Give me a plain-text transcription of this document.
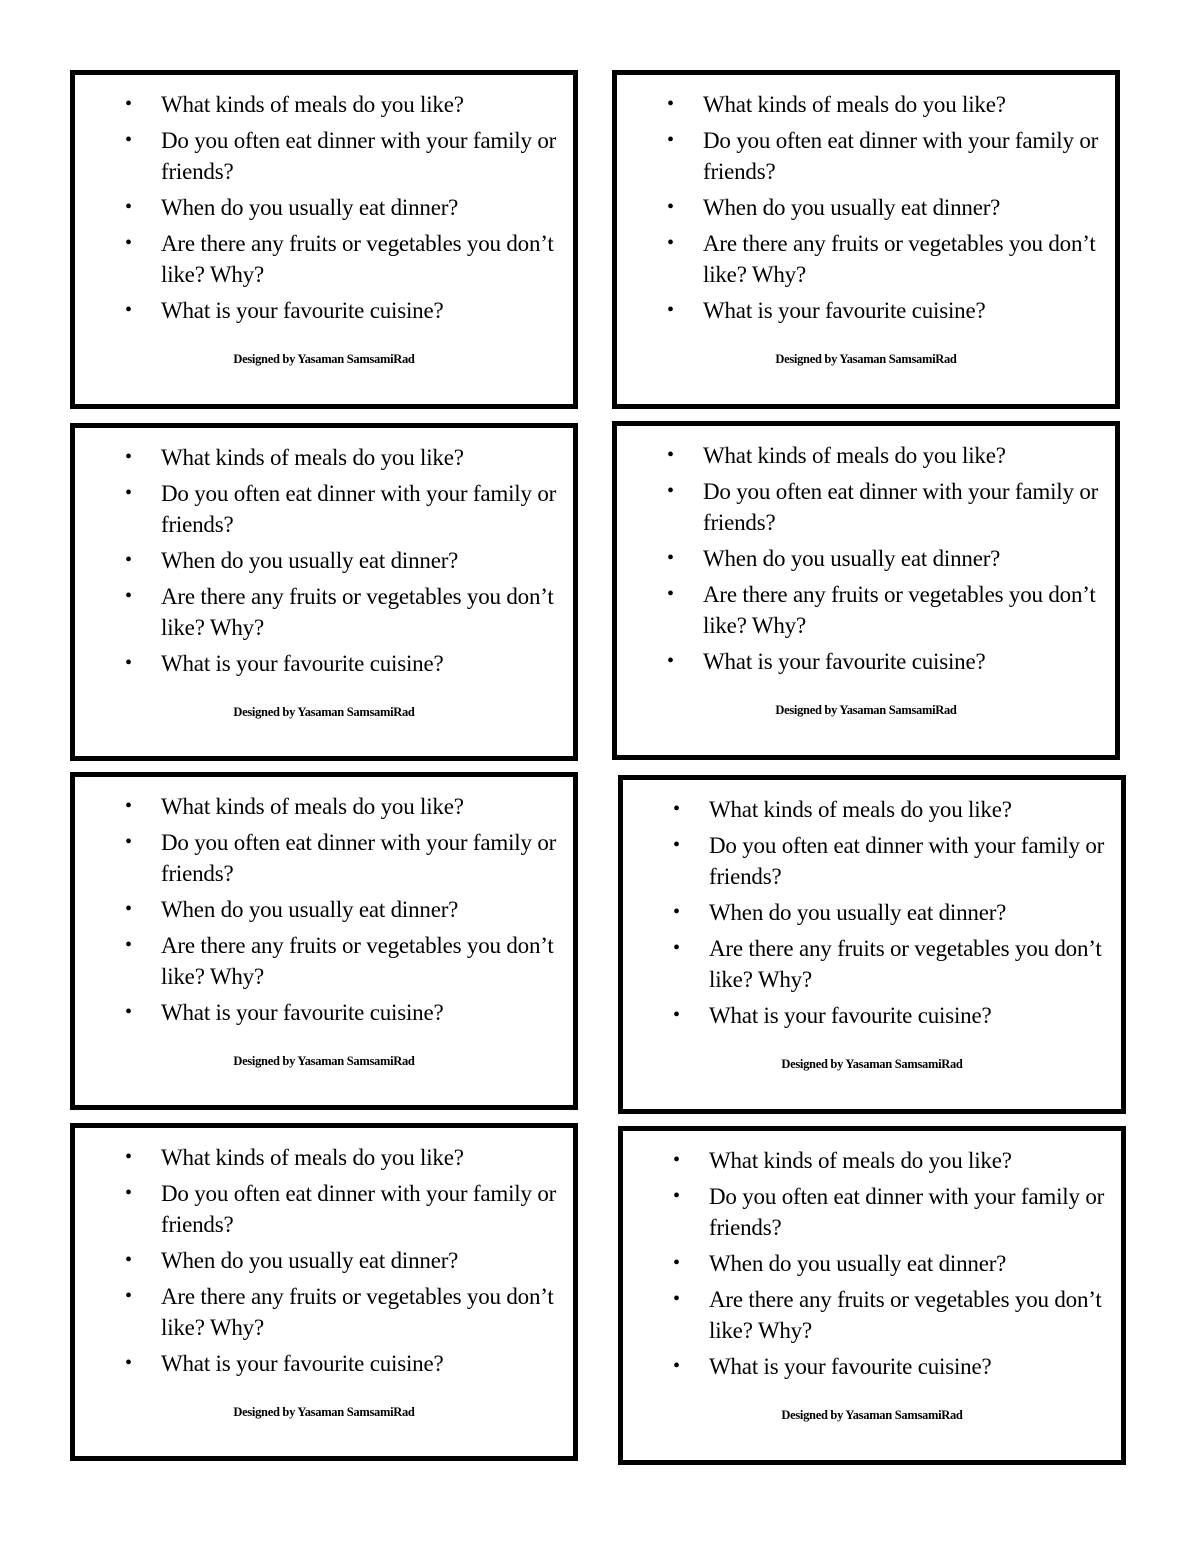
• What kinds of meals do you like?
• Do you often eat dinner with your family or friends?
• When do you usually eat dinner?
• Are there any fruits or vegetables you don’t like? Why?
• What is your favourite cuisine?
Designed by Yasaman SamsamiRad
• What kinds of meals do you like?
• Do you often eat dinner with your family or friends?
• When do you usually eat dinner?
• Are there any fruits or vegetables you don’t like? Why?
• What is your favourite cuisine?
Designed by Yasaman SamsamiRad
• What kinds of meals do you like?
• Do you often eat dinner with your family or friends?
• When do you usually eat dinner?
• Are there any fruits or vegetables you don’t like? Why?
• What is your favourite cuisine?
Designed by Yasaman SamsamiRad
• What kinds of meals do you like?
• Do you often eat dinner with your family or friends?
• When do you usually eat dinner?
• Are there any fruits or vegetables you don’t like? Why?
• What is your favourite cuisine?
Designed by Yasaman SamsamiRad
• What kinds of meals do you like?
• Do you often eat dinner with your family or friends?
• When do you usually eat dinner?
• Are there any fruits or vegetables you don’t like? Why?
• What is your favourite cuisine?
Designed by Yasaman SamsamiRad
• What kinds of meals do you like?
• Do you often eat dinner with your family or friends?
• When do you usually eat dinner?
• Are there any fruits or vegetables you don’t like? Why?
• What is your favourite cuisine?
Designed by Yasaman SamsamiRad
• What kinds of meals do you like?
• Do you often eat dinner with your family or friends?
• When do you usually eat dinner?
• Are there any fruits or vegetables you don’t like? Why?
• What is your favourite cuisine?
Designed by Yasaman SamsamiRad
• What kinds of meals do you like?
• Do you often eat dinner with your family or friends?
• When do you usually eat dinner?
• Are there any fruits or vegetables you don’t like? Why?
• What is your favourite cuisine?
Designed by Yasaman SamsamiRad
